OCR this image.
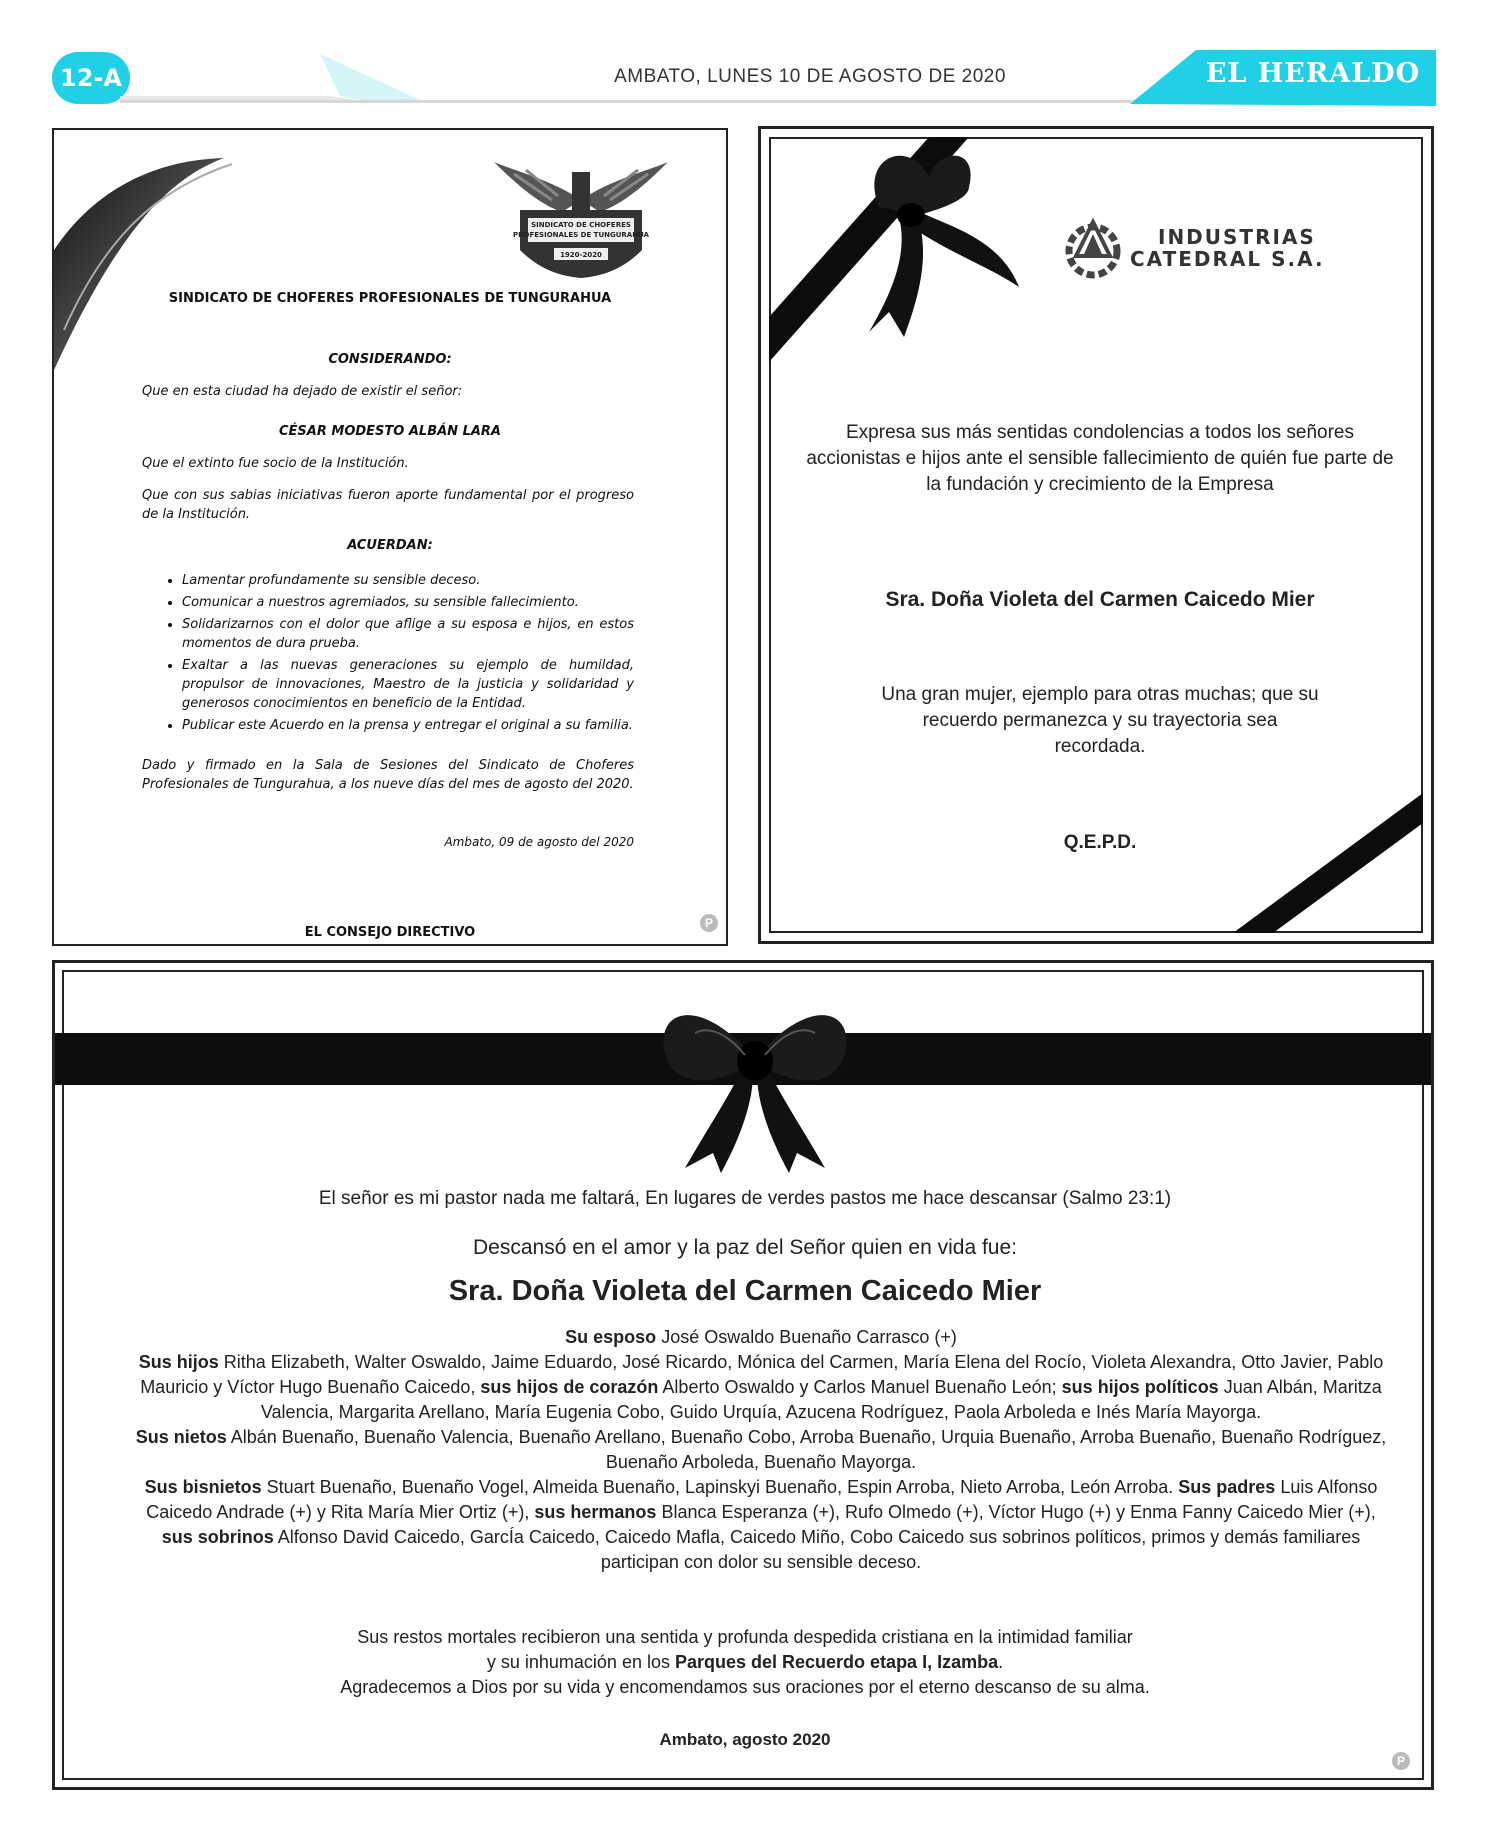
12-A	AMBATO, LUNES 10 DE AGOSTO DE 2020	EL HERALDO
SINDICATO DE CHOFERES
PROFESIONALES DE TUNGURAHUA
1920-2020
SINDICATO DE CHOFERES PROFESIONALES DE TUNGURAHUA
CONSIDERANDO:
Que en esta ciudad ha dejado de existir el señor:
CÉSAR MODESTO ALBÁN LARA
Que el extinto fue socio de la Institución.
Que con sus sabias iniciativas fueron aporte fundamental por el progreso de la Institución.
ACUERDAN:
• Lamentar profundamente su sensible deceso.
• Comunicar a nuestros agremiados, su sensible fallecimiento.
• Solidarizarnos con el dolor que aflige a su esposa e hijos, en estos momentos de dura prueba.
• Exaltar a las nuevas generaciones su ejemplo de humildad, propulsor de innovaciones, Maestro de la justicia y solidaridad y generosos conocimientos en beneficio de la Entidad.
• Publicar este Acuerdo en la prensa y entregar el original a su familia.
Dado y firmado en la Sala de Sesiones del Sindicato de Choferes Profesionales de Tungurahua, a los nueve días del mes de agosto del 2020.
Ambato, 09 de agosto del 2020
EL CONSEJO DIRECTIVO
P
INDUSTRIAS
CATEDRAL S.A.
Expresa sus más sentidas condolencias a todos los señores accionistas e hijos ante el sensible fallecimiento de quién fue parte de la fundación y crecimiento de la Empresa
Sra. Doña Violeta del Carmen Caicedo Mier
Una gran mujer, ejemplo para otras muchas; que su recuerdo permanezca y su trayectoria sea recordada.
Q.E.P.D.
El señor es mi pastor nada me faltará, En lugares de verdes pastos me hace descansar (Salmo 23:1)
Descansó en el amor y la paz del Señor quien en vida fue:
Sra. Doña Violeta del Carmen Caicedo Mier
Su esposo José Oswaldo Buenaño Carrasco (+)
Sus hijos Ritha Elizabeth, Walter Oswaldo, Jaime Eduardo, José Ricardo, Mónica del Carmen, María Elena del Rocío, Violeta Alexandra, Otto Javier, Pablo Mauricio y Víctor Hugo Buenaño Caicedo, sus hijos de corazón Alberto Oswaldo y Carlos Manuel Buenaño León; sus hijos políticos Juan Albán, Maritza Valencia, Margarita Arellano, María Eugenia Cobo, Guido Urquía, Azucena Rodríguez, Paola Arboleda e Inés María Mayorga.
Sus nietos Albán Buenaño, Buenaño Valencia, Buenaño Arellano, Buenaño Cobo, Arroba Buenaño, Urquia Buenaño, Arroba Buenaño, Buenaño Rodríguez, Buenaño Arboleda, Buenaño Mayorga.
Sus bisnietos Stuart Buenaño, Buenaño Vogel, Almeida Buenaño, Lapinskyi Buenaño, Espin Arroba, Nieto Arroba, León Arroba. Sus padres Luis Alfonso Caicedo Andrade (+) y Rita María Mier Ortiz (+), sus hermanos Blanca Esperanza (+), Rufo Olmedo (+), Víctor Hugo (+) y Enma Fanny Caicedo Mier (+), sus sobrinos Alfonso David Caicedo, GarcÍa Caicedo, Caicedo Mafla, Caicedo Miño, Cobo Caicedo sus sobrinos políticos, primos y demás familiares participan con dolor su sensible deceso.
Sus restos mortales recibieron una sentida y profunda despedida cristiana en la intimidad familiar
y su inhumación en los Parques del Recuerdo etapa I, Izamba.
Agradecemos a Dios por su vida y encomendamos sus oraciones por el eterno descanso de su alma.
Ambato, agosto 2020
P
